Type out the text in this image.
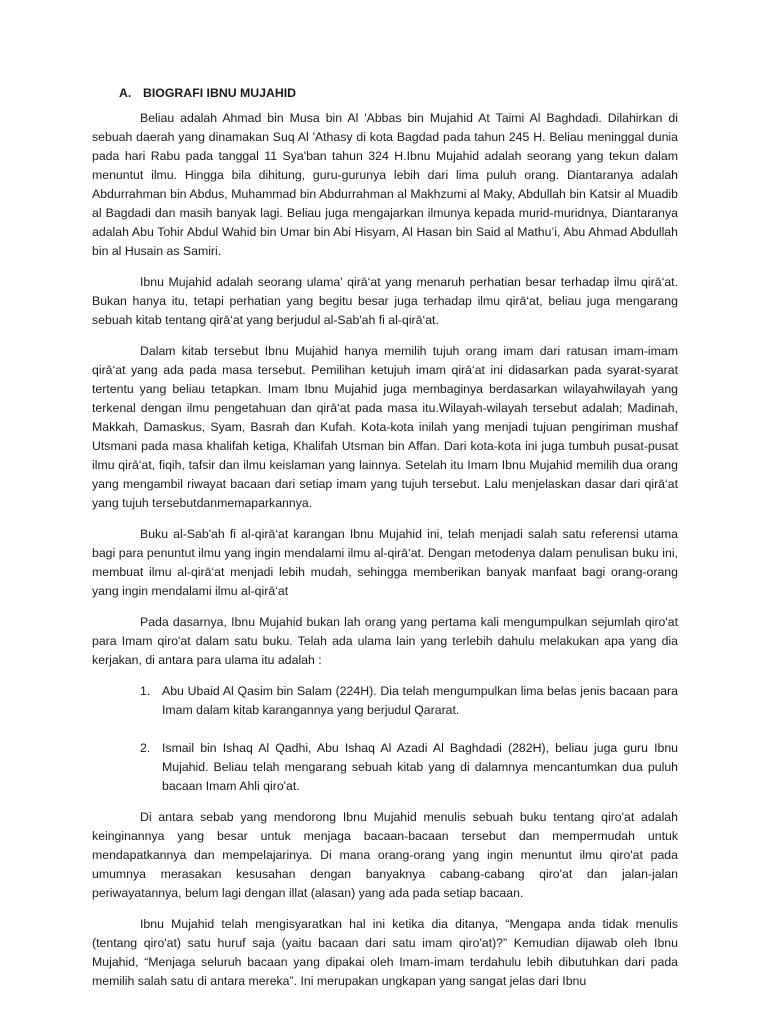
A. BIOGRAFI IBNU MUJAHID

Beliau adalah Ahmad bin Musa bin Al 'Abbas bin Mujahid At Taimi Al Baghdadi. Dilahirkan di sebuah daerah yang dinamakan Suq Al 'Athasy di kota Bagdad pada tahun 245 H. Beliau meninggal dunia pada hari Rabu pada tanggal 11 Sya'ban tahun 324 H.Ibnu Mujahid adalah seorang yang tekun dalam menuntut ilmu. Hingga bila dihitung, guru-gurunya lebih dari lima puluh orang. Diantaranya adalah Abdurrahman bin Abdus, Muhammad bin Abdurrahman al Makhzumi al Maky, Abdullah bin Katsir al Muadib al Bagdadi dan masih banyak lagi. Beliau juga mengajarkan ilmunya kepada murid-muridnya, Diantaranya adalah Abu Tohir Abdul Wahid bin Umar bin Abi Hisyam, Al Hasan bin Said al Mathu’i, Abu Ahmad Abdullah bin al Husain as Samiri.

Ibnu Mujahid adalah seorang ulama' qirā‘at yang menaruh perhatian besar terhadap ilmu qirā‘at. Bukan hanya itu, tetapi perhatian yang begitu besar juga terhadap ilmu qirā‘at, beliau juga mengarang sebuah kitab tentang qirā‘at yang berjudul al-Sab'ah fi al-qirā‘at.

Dalam kitab tersebut Ibnu Mujahid hanya memilih tujuh orang imam dari ratusan imam-imam qirā‘at yang ada pada masa tersebut. Pemilihan ketujuh imam qirā‘at ini didasarkan pada syarat-syarat tertentu yang beliau tetapkan. Imam Ibnu Mujahid juga membaginya berdasarkan wilayahwilayah yang terkenal dengan ilmu pengetahuan dan qirā‘at pada masa itu.Wilayah-wilayah tersebut adalah; Madinah, Makkah, Damaskus, Syam, Basrah dan Kufah. Kota-kota inilah yang menjadi tujuan pengiriman mushaf Utsmani pada masa khalifah ketiga, Khalifah Utsman bin Affan. Dari kota-kota ini juga tumbuh pusat-pusat ilmu qirā‘at, fiqih, tafsir dan ilmu keislaman yang lainnya. Setelah itu Imam Ibnu Mujahid memilih dua orang yang mengambil riwayat bacaan dari setiap imam yang tujuh tersebut. Lalu menjelaskan dasar dari qirā‘at yang tujuh tersebutdanmemaparkannya.

Buku al-Sab'ah fi al-qirā‘at karangan Ibnu Mujahid ini, telah menjadi salah satu referensi utama bagi para penuntut ilmu yang ingin mendalami ilmu al-qirā‘at. Dengan metodenya dalam penulisan buku ini, membuat ilmu al-qirā‘at menjadi lebih mudah, sehingga memberikan banyak manfaat bagi orang-orang yang ingin mendalami ilmu al-qirā‘at

Pada dasarnya, Ibnu Mujahid bukan lah orang yang pertama kali mengumpulkan sejumlah qiro'at para Imam qiro'at dalam satu buku. Telah ada ulama lain yang terlebih dahulu melakukan apa yang dia kerjakan, di antara para ulama itu adalah :

1. Abu Ubaid Al Qasim bin Salam (224H). Dia telah mengumpulkan lima belas jenis bacaan para Imam dalam kitab karangannya yang berjudul Qararat.
2. Ismail bin Ishaq Al Qadhi, Abu Ishaq Al Azadi Al Baghdadi (282H), beliau juga guru Ibnu Mujahid. Beliau telah mengarang sebuah kitab yang di dalamnya mencantumkan dua puluh bacaan Imam Ahli qiro'at.

Di antara sebab yang mendorong Ibnu Mujahid menulis sebuah buku tentang qiro'at adalah keinginannya yang besar untuk menjaga bacaan-bacaan tersebut dan mempermudah untuk mendapatkannya dan mempelajarinya. Di mana orang-orang yang ingin menuntut ilmu qiro'at pada umumnya merasakan kesusahan dengan banyaknya cabang-cabang qiro'at dan jalan-jalan periwayatannya, belum lagi dengan illat (alasan) yang ada pada setiap bacaan.

Ibnu Mujahid telah mengisyaratkan hal ini ketika dia ditanya, “Mengapa anda tidak menulis (tentang qiro'at) satu huruf saja (yaitu bacaan dari satu imam qiro'at)?” Kemudian dijawab oleh Ibnu Mujahid, “Menjaga seluruh bacaan yang dipakai oleh Imam-imam terdahulu lebih dibutuhkan dari pada memilih salah satu di antara mereka”. Ini merupakan ungkapan yang sangat jelas dari Ibnu
